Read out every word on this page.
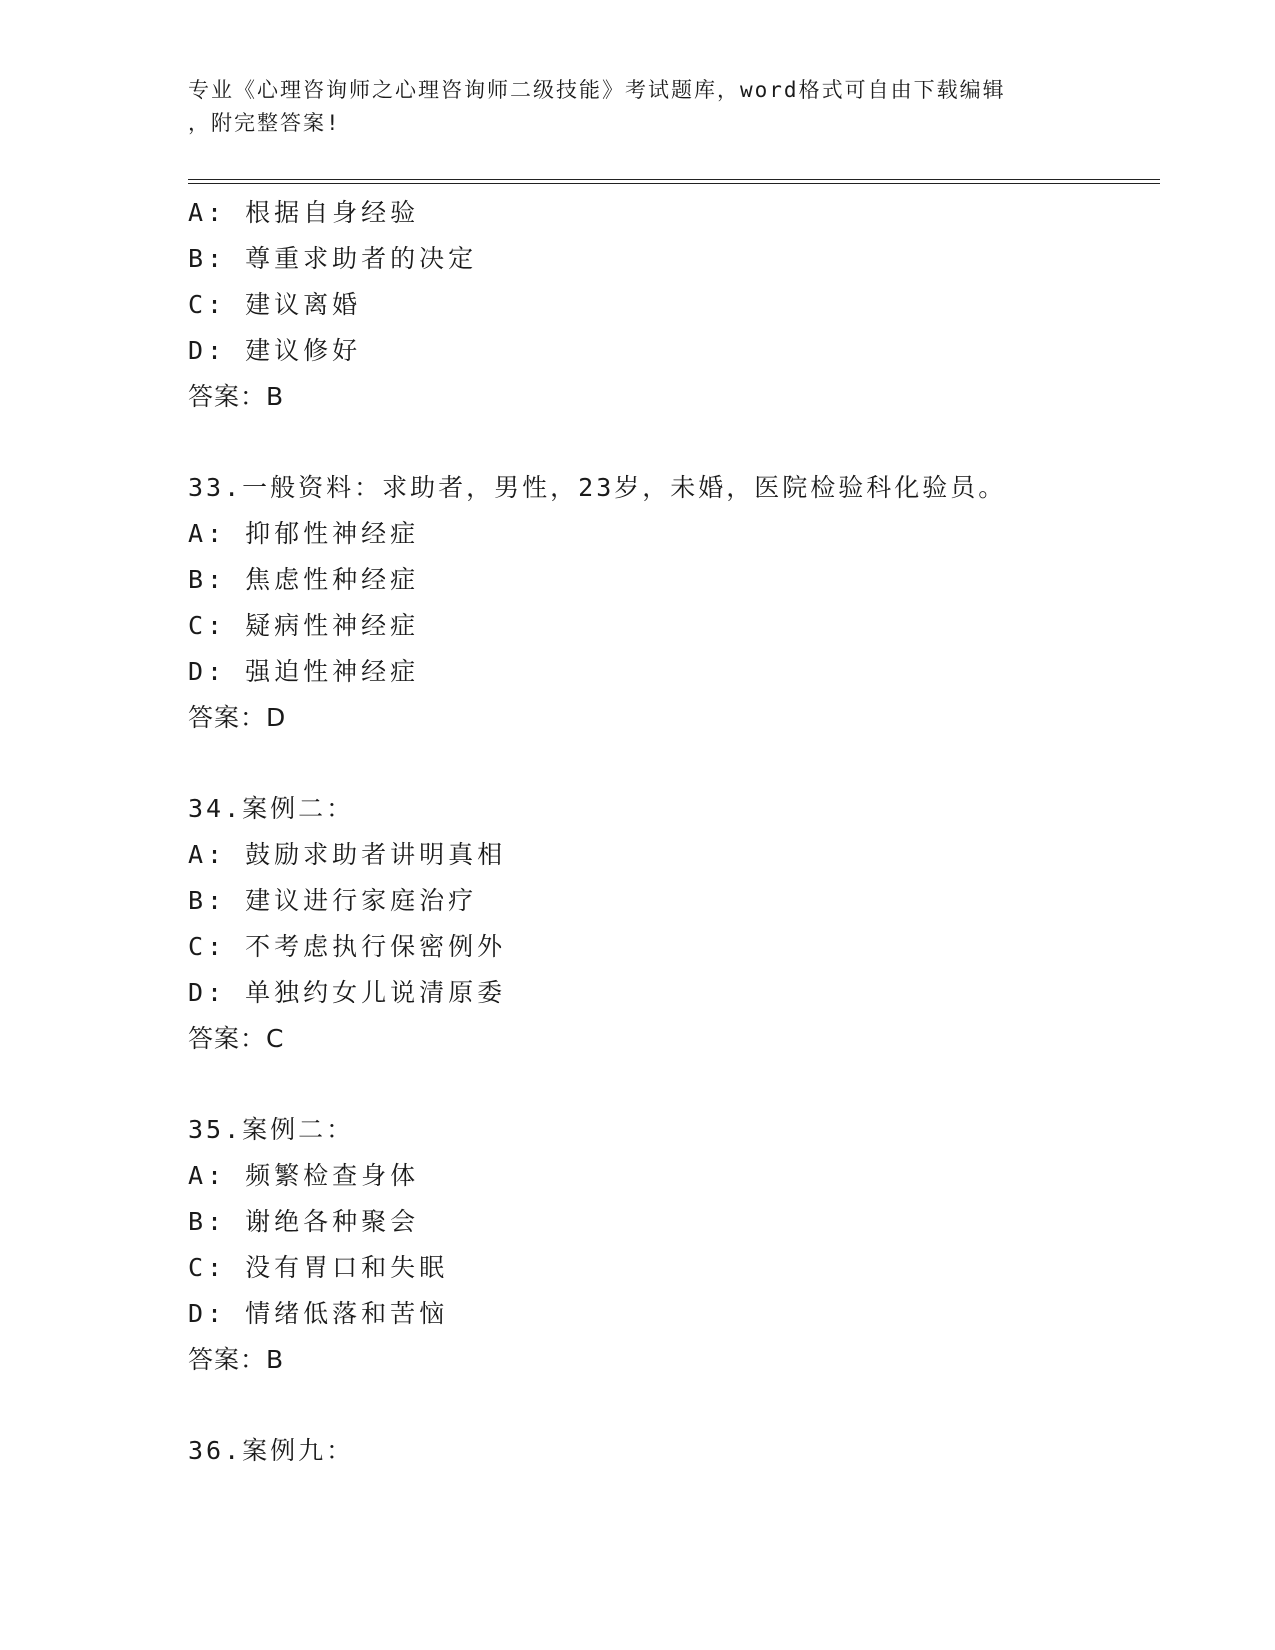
专业《心理咨询师之心理咨询师二级技能》考试题库，word格式可自由下载编辑
，附完整答案!
A: 根据自身经验
B: 尊重求助者的决定
C: 建议离婚
D: 建议修好
答案：B
33.一般资料：求助者，男性，23岁，未婚，医院检验科化验员。
A: 抑郁性神经症
B: 焦虑性种经症
C: 疑病性神经症
D: 强迫性神经症
答案：D
34.案例二：
A: 鼓励求助者讲明真相
B: 建议进行家庭治疗
C: 不考虑执行保密例外
D: 单独约女儿说清原委
答案：C
35.案例二：
A: 频繁检查身体
B: 谢绝各种聚会
C: 没有胃口和失眠
D: 情绪低落和苦恼
答案：B
36.案例九：
